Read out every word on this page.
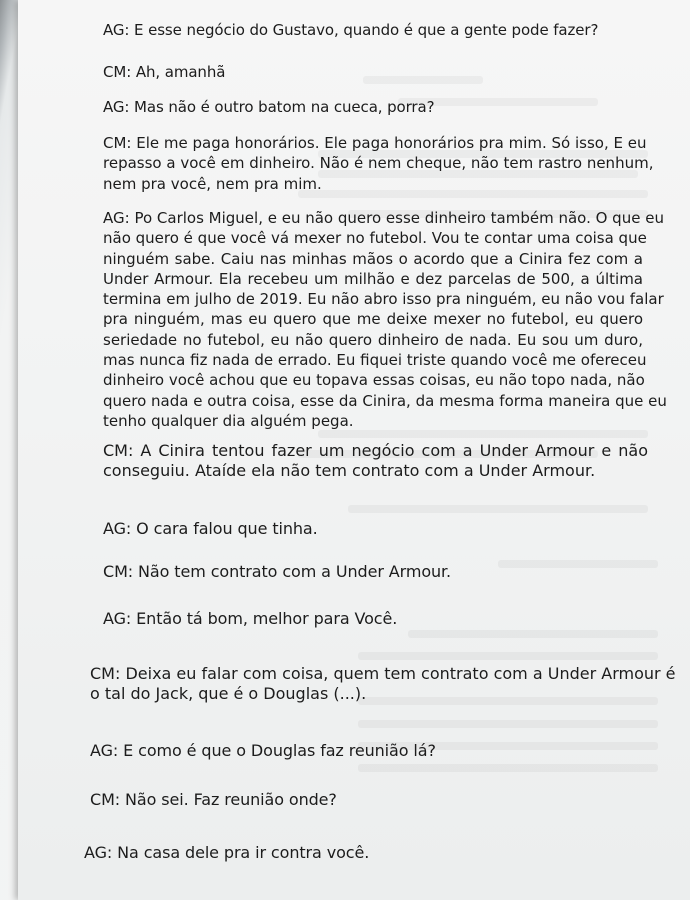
AG: E esse negócio do Gustavo, quando é que a gente pode fazer?

CM: Ah, amanhã

AG: Mas não é outro batom na cueca, porra?

CM: Ele me paga honorários. Ele paga honorários pra mim. Só isso, E eu
repasso a você em dinheiro. Não é nem cheque, não tem rastro nenhum,
nem pra você, nem pra mim.
AG: Po Carlos Miguel, e eu não quero esse dinheiro também não. O que eu
não quero é que você vá mexer no futebol. Vou te contar uma coisa que
ninguém sabe. Caiu nas minhas mãos o acordo que a Cinira fez com a
Under Armour. Ela recebeu um milhão e dez parcelas de 500, a última
termina em julho de 2019. Eu não abro isso pra ninguém, eu não vou falar
pra ninguém, mas eu quero que me deixe mexer no futebol, eu quero
seriedade no futebol, eu não quero dinheiro de nada. Eu sou um duro,
mas nunca fiz nada de errado. Eu fiquei triste quando você me ofereceu
dinheiro você achou que eu topava essas coisas, eu não topo nada, não
quero nada e outra coisa, esse da Cinira, da mesma forma maneira que eu
tenho qualquer dia alguém pega.
CM: A Cinira tentou fazer um negócio com a Under Armour e não
conseguiu. Ataíde ela não tem contrato com a Under Armour.

AG: O cara falou que tinha.

CM: Não tem contrato com a Under Armour.

AG: Então tá bom, melhor para Você.

CM: Deixa eu falar com coisa, quem tem contrato com a Under Armour é
o tal do Jack, que é o Douglas (...).

AG: E como é que o Douglas faz reunião lá?

CM: Não sei. Faz reunião onde?

AG: Na casa dele pra ir contra você.
